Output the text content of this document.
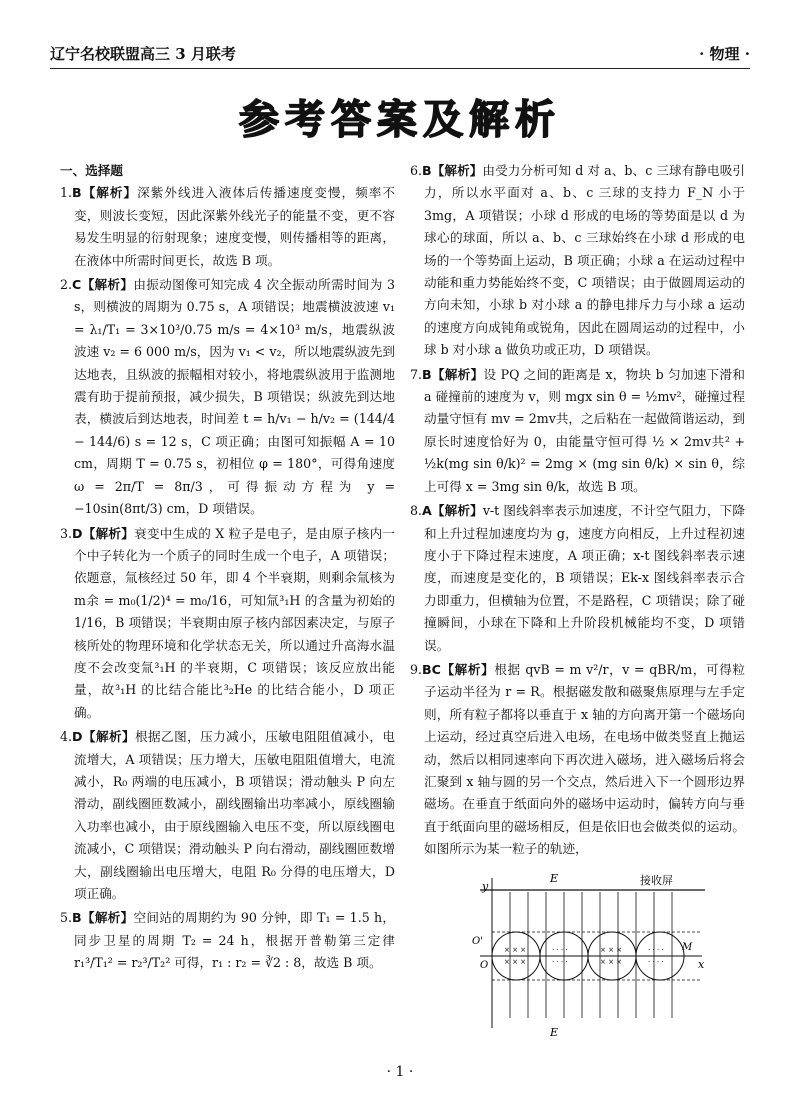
辽宁名校联盟高三 3 月联考	· 物理 ·
参考答案及解析
一、选择题

1.B【解析】深紫外线进入液体后传播速度变慢，频率不变，则波长变短，因此深紫外线光子的能量不变，更不容易发生明显的衍射现象；速度变慢，则传播相等的距离，在液体中所需时间更长，故选 B 项。

2.C【解析】由振动图像可知完成 4 次全振动所需时间为 3 s，则横波的周期为 0.75 s，A 项错误；地震横波波速 v₁ = λ₁/T₁ = 3×10³/0.75 m/s = 4×10³ m/s，地震纵波波速 v₂ = 6 000 m/s，因为 v₁ < v₂，所以地震纵波先到达地表，且纵波的振幅相对较小，将地震纵波用于监测地震有助于提前预报，减少损失，B 项错误；纵波先到达地表，横波后到达地表，时间差 t = h/v₁ − h/v₂ = (144/4 − 144/6) s = 12 s，C 项正确；由图可知振幅 A = 10 cm，周期 T = 0.75 s，初相位 φ = 180°，可得角速度 ω = 2π/T = 8π/3，可得振动方程为 y = −10sin(8πt/3) cm，D 项错误。

3.D【解析】衰变中生成的 X 粒子是电子，是由原子核内一个中子转化为一个质子的同时生成一个电子，A 项错误；依题意，氚核经过 50 年，即 4 个半衰期，则剩余氚核为 m余 = m₀(1/2)⁴ = m₀/16，可知氚³₁H 的含量为初始的 1/16，B 项错误；半衰期由原子核内部因素决定，与原子核所处的物理环境和化学状态无关，所以通过升高海水温度不会改变氚³₁H 的半衰期，C 项错误；该反应放出能量，故³₁H 的比结合能比³₂He 的比结合能小，D 项正确。

4.D【解析】根据乙图，压力减小，压敏电阻阻值减小，电流增大，A 项错误；压力增大，压敏电阻阻值增大，电流减小，R₀ 两端的电压减小，B 项错误；滑动触头 P 向左滑动，副线圈匝数减小，副线圈输出功率减小，原线圈输入功率也减小，由于原线圈输入电压不变，所以原线圈电流减小，C 项错误；滑动触头 P 向右滑动，副线圈匝数增大，副线圈输出电压增大，电阻 R₀ 分得的电压增大，D 项正确。

5.B【解析】空间站的周期约为 90 分钟，即 T₁ = 1.5 h，同步卫星的周期 T₂ = 24 h，根据开普勒第三定律 r₁³/T₁² = r₂³/T₂² 可得，r₁ : r₂ = ∛2 : 8，故选 B 项。

6.B【解析】由受力分析可知 d 对 a、b、c 三球有静电吸引力，所以水平面对 a、b、c 三球的支持力 F_N 小于 3mg，A 项错误；小球 d 形成的电场的等势面是以 d 为球心的球面，所以 a、b、c 三球始终在小球 d 形成的电场的一个等势面上运动，B 项正确；小球 a 在运动过程中动能和重力势能始终不变，C 项错误；由于做圆周运动的方向未知，小球 b 对小球 a 的静电排斥力与小球 a 运动的速度方向成钝角或锐角，因此在圆周运动的过程中，小球 b 对小球 a 做负功或正功，D 项错误。

7.B【解析】设 PQ 之间的距离是 x，物块 b 匀加速下滑和 a 碰撞前的速度为 v，则 mgx sin θ = ½mv²，碰撞过程动量守恒有 mv = 2mv共，之后粘在一起做简谐运动，到原长时速度恰好为 0，由能量守恒可得 ½ × 2mv共² + ½k(mg sin θ/k)² = 2mg × (mg sin θ/k) × sin θ，综上可得 x = 3mg sin θ/k，故选 B 项。

8.A【解析】v-t 图线斜率表示加速度，不计空气阻力，下降和上升过程加速度均为 g，速度方向相反，上升过程初速度小于下降过程末速度，A 项正确；x-t 图线斜率表示速度，而速度是变化的，B 项错误；Ek-x 图线斜率表示合力即重力，但横轴为位置，不是路程，C 项错误；除了碰撞瞬间，小球在下降和上升阶段机械能均不变，D 项错误。

9.BC【解析】根据 qvB = m v²/r，v = qBR/m，可得粒子运动半径为 r = R。根据磁发散和磁聚焦原理与左手定则，所有粒子都将以垂直于 x 轴的方向离开第一个磁场向上运动，经过真空后进入电场，在电场中做类竖直上抛运动，然后以相同速率向下再次进入磁场，进入磁场后将会汇聚到 x 轴与圆的另一个交点，然后进入下一个圆形边界磁场。在垂直于纸面向外的磁场中运动时，偏转方向与垂直于纸面向里的磁场相反，但是依旧也会做类似的运动。如图所示为某一粒子的轨迹，

接收屏
y
x
O
O'
M
E
E
× × ×
× × ×
· · · ·
· · · ·
× × ×
× × ×
· · · ·
· · · ·
· 1 ·
